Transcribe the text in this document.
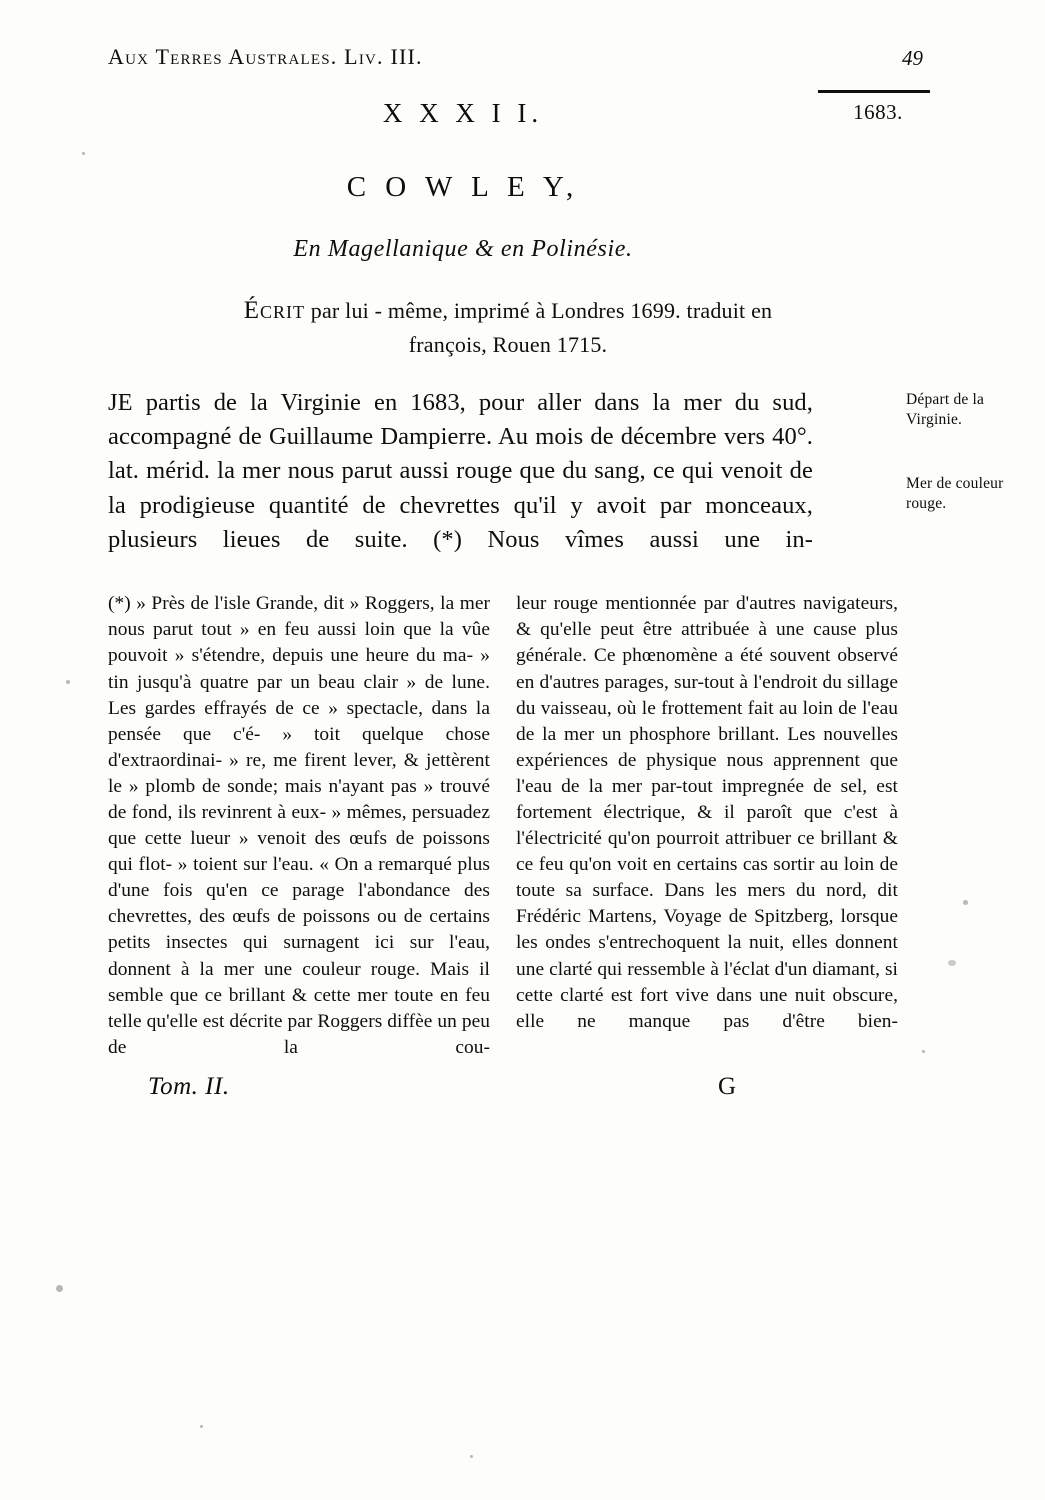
Aux Terres Australes. Liv. III.	49
1683.
X X X I I.
C O W L E Y,
En Magellanique & en Polinésie.
Écrit par lui - même, imprimé à Londres 1699. traduit en
françois, Rouen 1715.
JE partis de la Virginie en 1683, pour aller dans la mer du sud, accompagné de Guillaume Dampierre. Au mois de décembre vers 40°. lat. mérid. la mer nous parut aussi rouge que du sang, ce qui venoit de la prodigieuse quantité de chevrettes qu'il y avoit par monceaux, plusieurs lieues de suite. (*) Nous vîmes aussi une in-
Départ de la Virginie.
Mer de couleur rouge.
(*) » Près de l'isle Grande, dit » Roggers, la mer nous parut tout » en feu aussi loin que la vûe pouvoit » s'étendre, depuis une heure du ma- » tin jusqu'à quatre par un beau clair » de lune. Les gardes effrayés de ce » spectacle, dans la pensée que c'é- » toit quelque chose d'extraordinai- » re, me firent lever, & jettèrent le » plomb de sonde; mais n'ayant pas » trouvé de fond, ils revinrent à eux- » mêmes, persuadez que cette lueur » venoit des œufs de poissons qui flot- » toient sur l'eau. « On a remarqué plus d'une fois qu'en ce parage l'abondance des chevrettes, des œufs de poissons ou de certains petits insectes qui surnagent ici sur l'eau, donnent à la mer une couleur rouge. Mais il semble que ce brillant & cette mer toute en feu telle qu'elle est décrite par Roggers diffèe un peu de la cou-
leur rouge mentionnée par d'autres navigateurs, & qu'elle peut être attribuée à une cause plus générale. Ce phœnomène a été souvent observé en d'autres parages, sur-tout à l'endroit du sillage du vaisseau, où le frottement fait au loin de l'eau de la mer un phosphore brillant. Les nouvelles expériences de physique nous apprennent que l'eau de la mer par-tout impregnée de sel, est fortement électrique, & il paroît que c'est à l'électricité qu'on pourroit attribuer ce brillant & ce feu qu'on voit en certains cas sortir au loin de toute sa surface. Dans les mers du nord, dit Frédéric Martens, Voyage de Spitzberg, lorsque les ondes s'entrechoquent la nuit, elles donnent une clarté qui ressemble à l'éclat d'un diamant, si cette clarté est fort vive dans une nuit obscure, elle ne manque pas d'être bien-
Tom. II.	G
